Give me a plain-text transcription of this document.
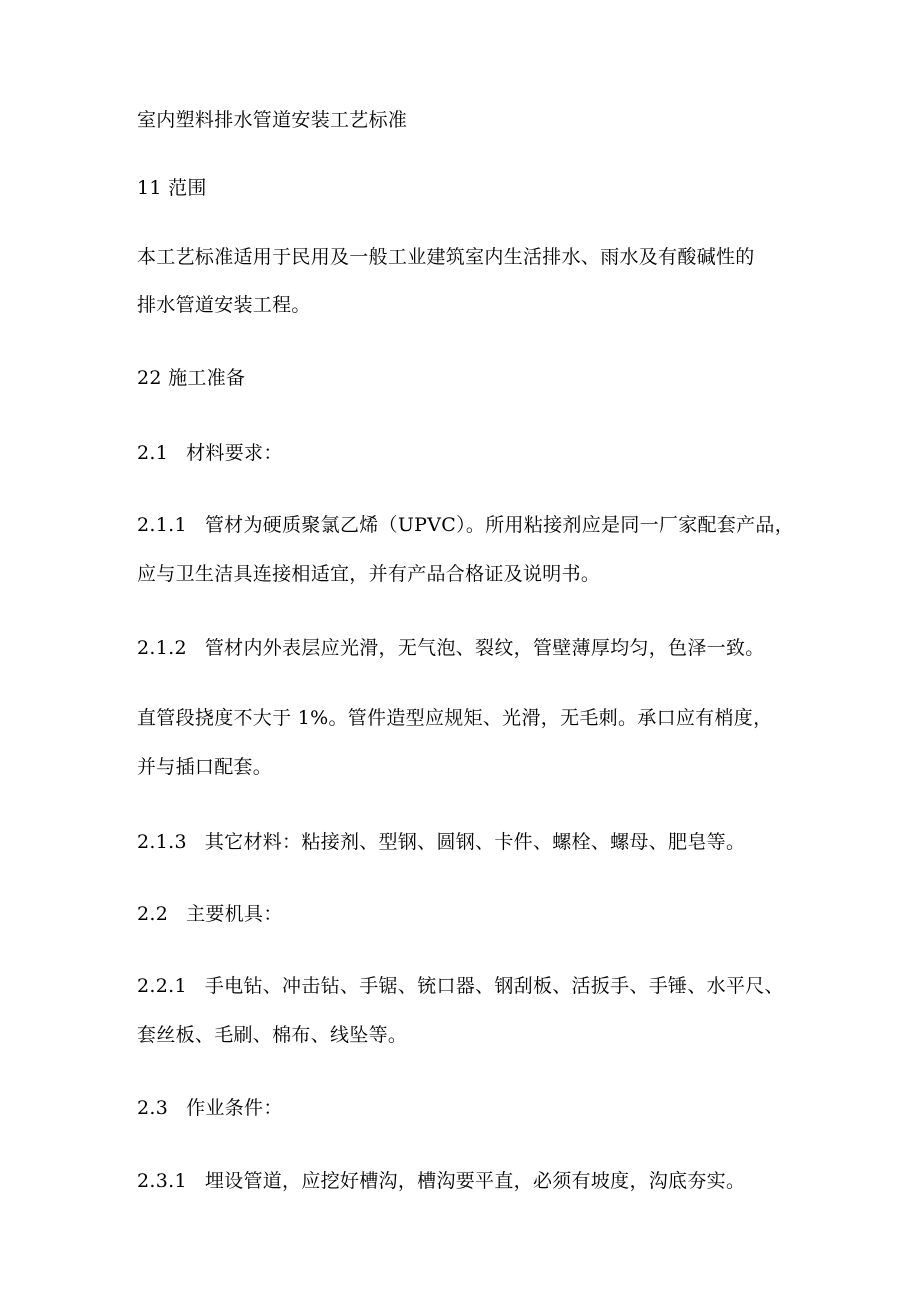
室内塑料排水管道安装工艺标准
11 范围
本工艺标准适用于民用及一般工业建筑室内生活排水、雨水及有酸碱性的
排水管道安装工程。
22 施工准备
2.1 材料要求：
2.1.1 管材为硬质聚氯乙烯（UPVC）。所用粘接剂应是同一厂家配套产品，
应与卫生洁具连接相适宜，并有产品合格证及说明书。
2.1.2 管材内外表层应光滑，无气泡、裂纹，管壁薄厚均匀，色泽一致。
直管段挠度不大于 1%。管件造型应规矩、光滑，无毛刺。承口应有梢度，
并与插口配套。
2.1.3 其它材料：粘接剂、型钢、圆钢、卡件、螺栓、螺母、肥皂等。
2.2 主要机具：
2.2.1 手电钻、冲击钻、手锯、铳口器、钢刮板、活扳手、手锤、水平尺、
套丝板、毛刷、棉布、线坠等。
2.3 作业条件：
2.3.1 埋设管道，应挖好槽沟，槽沟要平直，必须有坡度，沟底夯实。
